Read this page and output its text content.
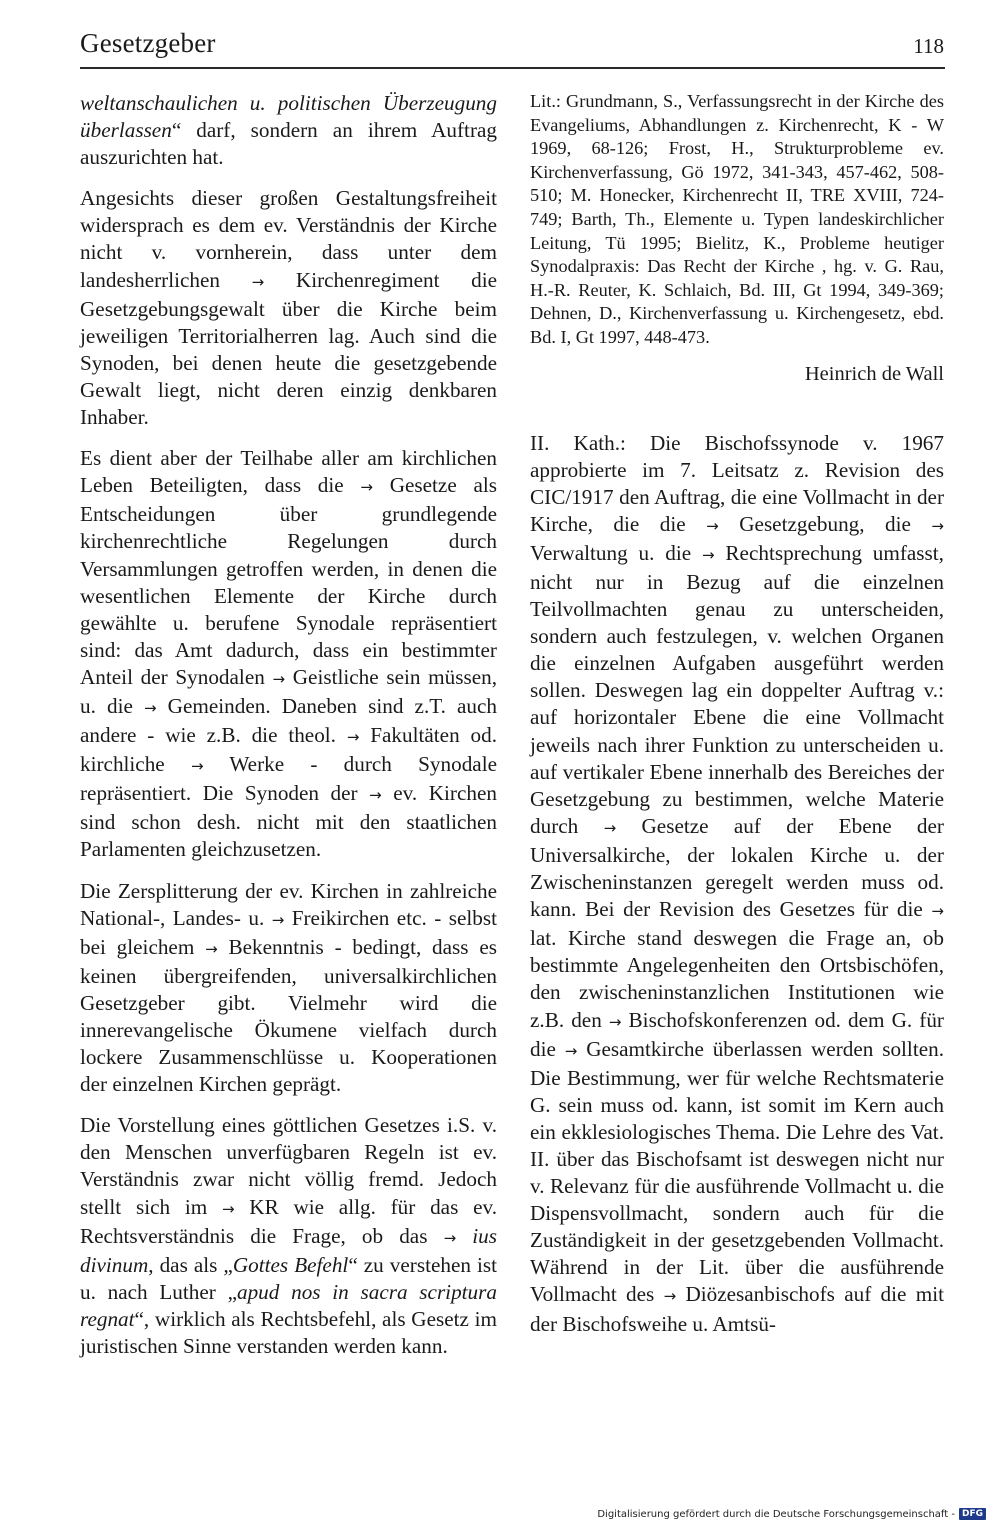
Gesetzgeber	118

weltanschaulichen u. politischen Überzeugung überlassen“ darf, sondern an ihrem Auftrag auszurichten hat.

Angesichts dieser großen Gestaltungsfreiheit widersprach es dem ev. Verständnis der Kirche nicht v. vornherein, dass unter dem landesherrlichen → Kirchenregiment die Gesetzgebungsgewalt über die Kirche beim jeweiligen Territorialherren lag. Auch sind die Synoden, bei denen heute die gesetzgebende Gewalt liegt, nicht deren einzig denkbaren Inhaber.

Es dient aber der Teilhabe aller am kirchlichen Leben Beteiligten, dass die → Gesetze als Entscheidungen über grundlegende kirchenrechtliche Regelungen durch Versammlungen getroffen werden, in denen die wesentlichen Elemente der Kirche durch gewählte u. berufene Synodale repräsentiert sind: das Amt dadurch, dass ein bestimmter Anteil der Synodalen → Geistliche sein müssen, u. die → Gemeinden. Daneben sind z.T. auch andere - wie z.B. die theol. → Fakultäten od. kirchliche → Werke - durch Synodale repräsentiert. Die Synoden der → ev. Kirchen sind schon desh. nicht mit den staatlichen Parlamenten gleichzusetzen.

Die Zersplitterung der ev. Kirchen in zahlreiche National-, Landes- u. → Freikirchen etc. - selbst bei gleichem → Bekenntnis - bedingt, dass es keinen übergreifenden, universalkirchlichen Gesetzgeber gibt. Vielmehr wird die innerevangelische Ökumene vielfach durch lockere Zusammenschlüsse u. Kooperationen der einzelnen Kirchen geprägt.

Die Vorstellung eines göttlichen Gesetzes i.S. v. den Menschen unverfügbaren Regeln ist ev. Verständnis zwar nicht völlig fremd. Jedoch stellt sich im → KR wie allg. für das ev. Rechtsverständnis die Frage, ob das → ius divinum, das als „Gottes Befehl“ zu verstehen ist u. nach Luther „apud nos in sacra scriptura regnat“, wirklich als Rechtsbefehl, als Gesetz im juristischen Sinne verstanden werden kann.

Lit.: Grundmann, S., Verfassungsrecht in der Kirche des Evangeliums, Abhandlungen z. Kirchenrecht, K - W 1969, 68-126; Frost, H., Strukturprobleme ev. Kirchenverfassung, Gö 1972, 341-343, 457-462, 508-510; M. Honecker, Kirchenrecht II, TRE XVIII, 724-749; Barth, Th., Elemente u. Typen landeskirchlicher Leitung, Tü 1995; Bielitz, K., Probleme heutiger Synodalpraxis: Das Recht der Kirche , hg. v. G. Rau, H.-R. Reuter, K. Schlaich, Bd. III, Gt 1994, 349-369; Dehnen, D., Kirchenverfassung u. Kirchengesetz, ebd. Bd. I, Gt 1997, 448-473.

Heinrich de Wall

II. Kath.: Die Bischofssynode v. 1967 approbierte im 7. Leitsatz z. Revision des CIC/1917 den Auftrag, die eine Vollmacht in der Kirche, die die → Gesetzgebung, die → Verwaltung u. die → Rechtsprechung umfasst, nicht nur in Bezug auf die einzelnen Teilvollmachten genau zu unterscheiden, sondern auch festzulegen, v. welchen Organen die einzelnen Aufgaben ausgeführt werden sollen. Deswegen lag ein doppelter Auftrag v.: auf horizontaler Ebene die eine Vollmacht jeweils nach ihrer Funktion zu unterscheiden u. auf vertikaler Ebene innerhalb des Bereiches der Gesetzgebung zu bestimmen, welche Materie durch → Gesetze auf der Ebene der Universalkirche, der lokalen Kirche u. der Zwischeninstanzen geregelt werden muss od. kann. Bei der Revision des Gesetzes für die → lat. Kirche stand deswegen die Frage an, ob bestimmte Angelegenheiten den Ortsbischöfen, den zwischeninstanzlichen Institutionen wie z.B. den → Bischofskonferenzen od. dem G. für die → Gesamtkirche überlassen werden sollten. Die Bestimmung, wer für welche Rechtsmaterie G. sein muss od. kann, ist somit im Kern auch ein ekklesiologisches Thema. Die Lehre des Vat. II. über das Bischofsamt ist deswegen nicht nur v. Relevanz für die ausführende Vollmacht u. die Dispensvollmacht, sondern auch für die Zuständigkeit in der gesetzgebenden Vollmacht. Während in der Lit. über die ausführende Vollmacht des → Diözesanbischofs auf die mit der Bischofsweihe u. Amtsü-

Digitalisierung gefördert durch die Deutsche Forschungsgemeinschaft - DFG
